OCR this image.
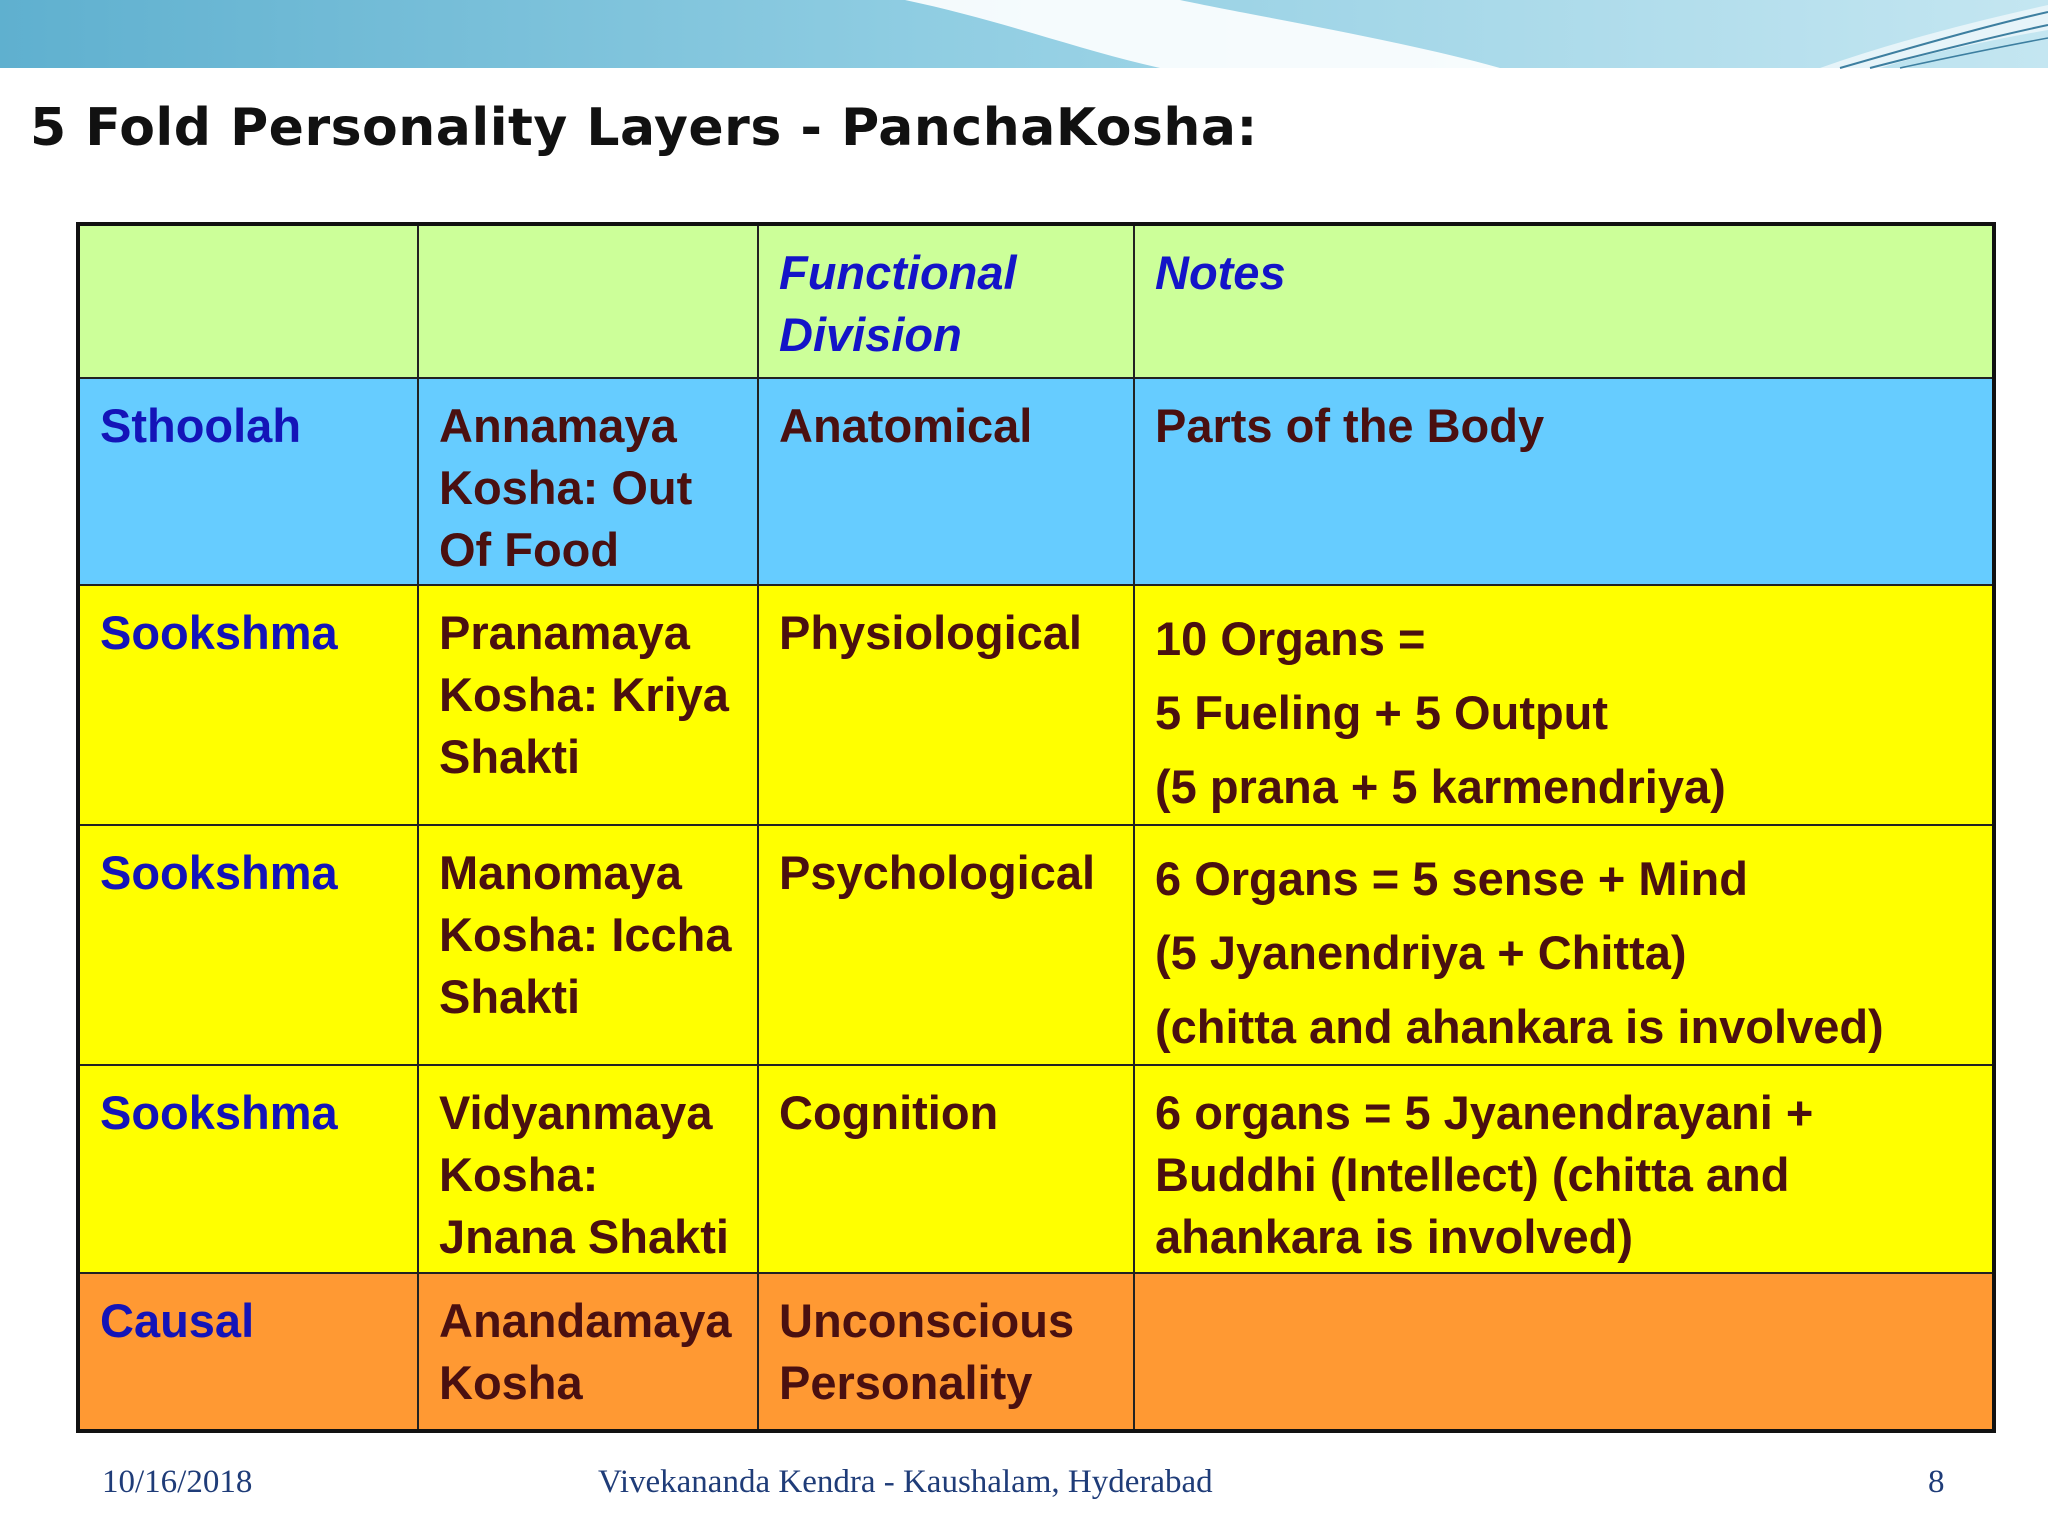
5 Fold Personality Layers - PanchaKosha:
		Functional Division	Notes
Sthoolah	Annamaya Kosha: Out Of Food	Anatomical	Parts of the Body

Sookshma	Pranamaya Kosha: Kriya Shakti	Physiological	10 Organs =
5 Fueling + 5 Output
(5 prana + 5 karmendriya)

Sookshma	Manomaya Kosha: Iccha Shakti	Psychological	6 Organs = 5 sense + Mind
(5 Jyanendriya + Chitta)
(chitta and ahankara is involved)

Sookshma	Vidyanmaya Kosha: Jnana Shakti	Cognition	6 organs = 5 Jyanendrayani + Buddhi (Intellect) (chitta and ahankara is involved)

Causal	Anandamaya Kosha	Unconscious Personality	
10/16/2018	Vivekananda Kendra - Kaushalam, Hyderabad	8
